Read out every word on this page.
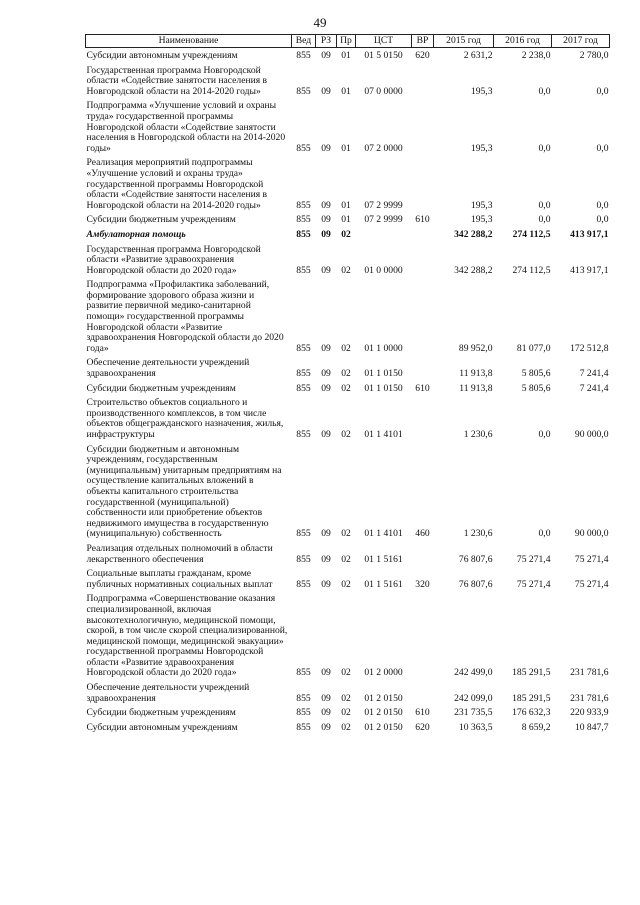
49
Наименование	Вед	РЗ	Пр	ЦСТ	ВР	2015 год	2016 год	2017 год
Субсидии автономным учреждениям	855	09	01	01 5 0150	620	2 631,2	2 238,0	2 780,0
Государственная программа Новгородской области «Содействие занятости населения в Новгородской области на 2014-2020 годы»	855	09	01	07 0 0000		195,3	0,0	0,0
Подпрограмма «Улучшение условий и охраны труда» государственной программы Новгородской области «Содействие занятости населения в Новгородской области на 2014-2020 годы»	855	09	01	07 2 0000		195,3	0,0	0,0
Реализация мероприятий подпрограммы «Улучшение условий и охраны труда» государственной программы Новгородской области «Содействие занятости населения в Новгородской области на 2014-2020 годы»	855	09	01	07 2 9999		195,3	0,0	0,0
Субсидии бюджетным учреждениям	855	09	01	07 2 9999	610	195,3	0,0	0,0
Амбулаторная помощь	855	09	02			342 288,2	274 112,5	413 917,1
Государственная программа Новгородской области «Развитие здравоохранения Новгородской области до 2020 года»	855	09	02	01 0 0000		342 288,2	274 112,5	413 917,1
Подпрограмма «Профилактика заболеваний, формирование здорового образа жизни и развитие первичной медико-санитарной помощи» государственной программы Новгородской области «Развитие здравоохранения Новгородской области до 2020 года»	855	09	02	01 1 0000		89 952,0	81 077,0	172 512,8
Обеспечение деятельности учреждений здравоохранения	855	09	02	01 1 0150		11 913,8	5 805,6	7 241,4
Субсидии бюджетным учреждениям	855	09	02	01 1 0150	610	11 913,8	5 805,6	7 241,4
Строительство объектов социального и производственного комплексов, в том числе объектов общегражданского назначения, жилья, инфраструктуры	855	09	02	01 1 4101		1 230,6	0,0	90 000,0
Субсидии бюджетным и автономным учреждениям, государственным (муниципальным) унитарным предприятиям на осуществление капитальных вложений в объекты капитального строительства государственной (муниципальной) собственности или приобретение объектов недвижимого имущества в государственную (муниципальную) собственность	855	09	02	01 1 4101	460	1 230,6	0,0	90 000,0
Реализация отдельных полномочий в области лекарственного обеспечения	855	09	02	01 1 5161		76 807,6	75 271,4	75 271,4
Социальные выплаты гражданам, кроме публичных нормативных социальных выплат	855	09	02	01 1 5161	320	76 807,6	75 271,4	75 271,4
Подпрограмма «Совершенствование оказания специализированной, включая высокотехнологичную, медицинской помощи, скорой, в том числе скорой специализированной, медицинской помощи, медицинской эвакуации» государственной программы Новгородской области «Развитие здравоохранения Новгородской области до 2020 года»	855	09	02	01 2 0000		242 499,0	185 291,5	231 781,6
Обеспечение деятельности учреждений здравоохранения	855	09	02	01 2 0150		242 099,0	185 291,5	231 781,6
Субсидии бюджетным учреждениям	855	09	02	01 2 0150	610	231 735,5	176 632,3	220 933,9
Субсидии автономным учреждениям	855	09	02	01 2 0150	620	10 363,5	8 659,2	10 847,7
